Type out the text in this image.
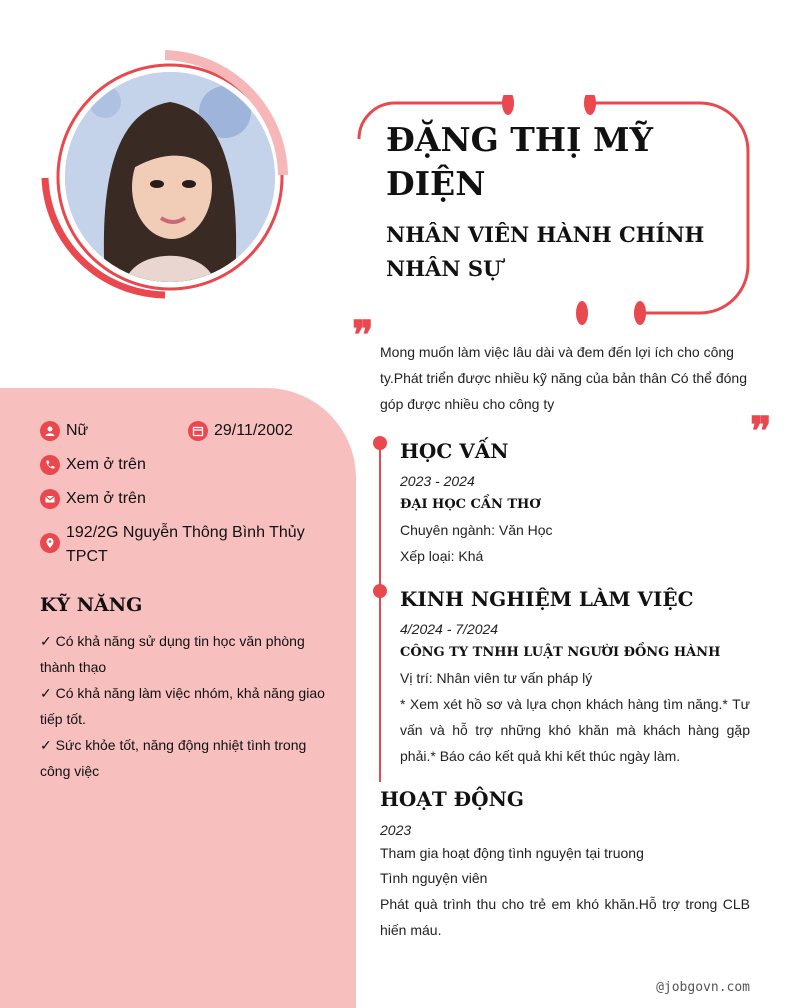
ĐẶNG THỊ MỸ DIỆN
NHÂN VIÊN HÀNH CHÍNH NHÂN SỰ
❞ Mong muốn làm việc lâu dài và đem đến lợi ích cho công ty.Phát triển được nhiều kỹ năng của bản thân Có thể đóng góp được nhiều cho công ty
❞
Nữ	29/11/2002
Xem ở trên
Xem ở trên
192/2G Nguyễn Thông Bình Thủy TPCT
KỸ NĂNG
✓ Có khả năng sử dụng tin học văn phòng thành thạo
✓ Có khả năng làm việc nhóm, khả năng giao tiếp tốt.
✓ Sức khỏe tốt, năng động nhiệt tình trong công việc
HỌC VẤN
2023 - 2024
ĐẠI HỌC CẦN THƠ
Chuyên ngành: Văn Học
Xếp loại: Khá
KINH NGHIỆM LÀM VIỆC
4/2024 - 7/2024
CÔNG TY TNHH LUẬT NGƯỜI ĐỒNG HÀNH
Vị trí: Nhân viên tư vấn pháp lý
* Xem xét hồ sơ và lựa chọn khách hàng tìm năng.* Tư vấn và hỗ trợ những khó khăn mà khách hàng gặp phải.* Báo cáo kết quả khi kết thúc ngày làm.
HOẠT ĐỘNG
2023
Tham gia hoạt động tình nguyện tại truong
Tình nguyện viên
Phát quà trình thu cho trẻ em khó khăn.Hỗ trợ trong CLB hiến máu.
@jobgovn.com
